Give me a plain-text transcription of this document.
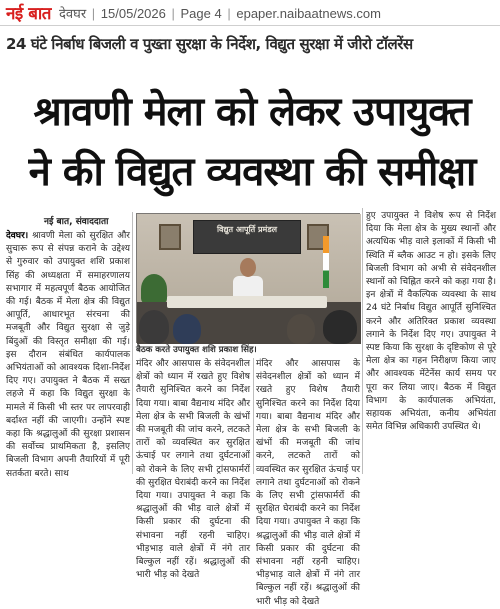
नई बात देवघर | 15/05/2026 | Page 4 | epaper.naibaatnews.com
24 घंटे निर्बाध बिजली व पुख्ता सुरक्षा के निर्देश, विद्युत सुरक्षा में जीरो टॉलरेंस
श्रावणी मेला को लेकर उपायुक्त
ने की विद्युत व्यवस्था की समीक्षा
नई बात, संवाददाता

देवघर। श्रावणी मेला को सुरक्षित और सुचारू रूप से संपन्न कराने के उद्देश्य से गुरुवार को उपायुक्त शशि प्रकाश सिंह की अध्यक्षता में समाहरणालय सभागार में महत्वपूर्ण बैठक आयोजित की गई। बैठक में मेला क्षेत्र की विद्युत आपूर्ति, आधारभूत संरचना की मजबूती और विद्युत सुरक्षा से जुड़े बिंदुओं की विस्तृत समीक्षा की गई। इस दौरान संबंधित कार्यपालक अभियंताओं को आवश्यक दिशा-निर्देश दिए गए। उपायुक्त ने बैठक में सख्त लहजे में कहा कि विद्युत सुरक्षा के मामले में किसी भी स्तर पर लापरवाही बर्दाश्त नहीं की जाएगी। उन्होंने स्पष्ट कहा कि श्रद्धालुओं की सुरक्षा प्रशासन की सर्वोच्च प्राथमिकता है, इसलिए बिजली विभाग अपनी तैयारियों में पूरी सतर्कता बरते। साथ

विद्युत आपूर्ति प्रमंडल
बैठक करते उपायुक्त शशि प्रकाश सिंह।

मंदिर और आसपास के संवेदनशील क्षेत्रों को ध्यान में रखते हुए विशेष तैयारी सुनिश्चित करने का निर्देश दिया गया। बाबा वैद्यनाथ मंदिर और मेला क्षेत्र के सभी बिजली के खंभों की मजबूती की जांच करने, लटकते तारों को व्यवस्थित कर सुरक्षित ऊंचाई पर लगाने तथा दुर्घटनाओं को रोकने के लिए सभी ट्रांसफार्मरों की सुरक्षित घेराबंदी करने का निर्देश दिया गया। उपायुक्त ने कहा कि श्रद्धालुओं की भीड़ वाले क्षेत्रों में किसी प्रकार की दुर्घटना की संभावना नहीं रहनी चाहिए। भीड़भाड़ वाले क्षेत्रों में नंगे तार बिल्कुल नहीं रहें। श्रद्धालुओं की भारी भीड़ को देखते

मंदिर और आसपास के संवेदनशील क्षेत्रों को ध्यान में रखते हुए विशेष तैयारी सुनिश्चित करने का निर्देश दिया गया। बाबा वैद्यनाथ मंदिर और मेला क्षेत्र के सभी बिजली के खंभों की मजबूती की जांच करने, लटकते तारों को व्यवस्थित कर सुरक्षित ऊंचाई पर लगाने तथा दुर्घटनाओं को रोकने के लिए सभी ट्रांसफार्मरों की सुरक्षित घेराबंदी करने का निर्देश दिया गया। उपायुक्त ने कहा कि श्रद्धालुओं की भीड़ वाले क्षेत्रों में किसी प्रकार की दुर्घटना की संभावना नहीं रहनी चाहिए। भीड़भाड़ वाले क्षेत्रों में नंगे तार बिल्कुल नहीं रहें। श्रद्धालुओं की भारी भीड़ को देखते

हुए उपायुक्त ने विशेष रूप से निर्देश दिया कि मेला क्षेत्र के मुख्य स्थानों और अत्यधिक भीड़ वाले इलाकों में किसी भी स्थिति में ब्लैक आउट न हो। इसके लिए बिजली विभाग को अभी से संवेदनशील स्थानों को चिह्नित करने को कहा गया है। इन क्षेत्रों में वैकल्पिक व्यवस्था के साथ 24 घंटे निर्बाध विद्युत आपूर्ति सुनिश्चित करने और अतिरिक्त प्रकाश व्यवस्था लगाने के निर्देश दिए गए। उपायुक्त ने स्पष्ट किया कि सुरक्षा के दृष्टिकोण से पूरे मेला क्षेत्र का गहन निरीक्षण किया जाए और आवश्यक मेंटेनेंस कार्य समय पर पूरा कर लिया जाए। बैठक में विद्युत विभाग के कार्यपालक अभियंता, सहायक अभियंता, कनीय अभियंता समेत विभिन्न अधिकारी उपस्थित थे।
